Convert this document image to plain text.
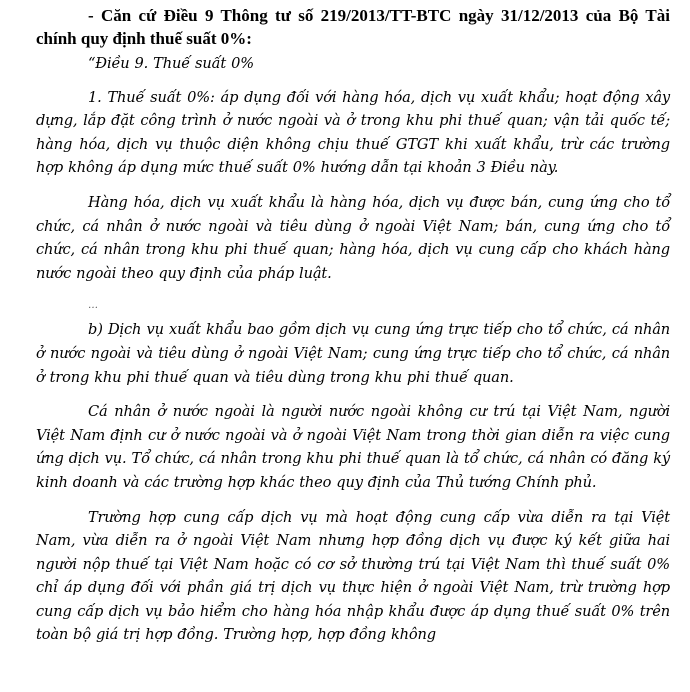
- Căn cứ Điều 9 Thông tư số 219/2013/TT-BTC ngày 31/12/2013 của Bộ Tài chính quy định thuế suất 0%:

“Điều 9. Thuế suất 0%

1. Thuế suất 0%: áp dụng đối với hàng hóa, dịch vụ xuất khẩu; hoạt động xây dựng, lắp đặt công trình ở nước ngoài và ở trong khu phi thuế quan; vận tải quốc tế; hàng hóa, dịch vụ thuộc diện không chịu thuế GTGT khi xuất khẩu, trừ các trường hợp không áp dụng mức thuế suất 0% hướng dẫn tại khoản 3 Điều này.

Hàng hóa, dịch vụ xuất khẩu là hàng hóa, dịch vụ được bán, cung ứng cho tổ chức, cá nhân ở nước ngoài và tiêu dùng ở ngoài Việt Nam; bán, cung ứng cho tổ chức, cá nhân trong khu phi thuế quan; hàng hóa, dịch vụ cung cấp cho khách hàng nước ngoài theo quy định của pháp luật.

…

b) Dịch vụ xuất khẩu bao gồm dịch vụ cung ứng trực tiếp cho tổ chức, cá nhân ở nước ngoài và tiêu dùng ở ngoài Việt Nam; cung ứng trực tiếp cho tổ chức, cá nhân ở trong khu phi thuế quan và tiêu dùng trong khu phi thuế quan.

Cá nhân ở nước ngoài là người nước ngoài không cư trú tại Việt Nam, người Việt Nam định cư ở nước ngoài và ở ngoài Việt Nam trong thời gian diễn ra việc cung ứng dịch vụ. Tổ chức, cá nhân trong khu phi thuế quan là tổ chức, cá nhân có đăng ký kinh doanh và các trường hợp khác theo quy định của Thủ tướng Chính phủ.

Trường hợp cung cấp dịch vụ mà hoạt động cung cấp vừa diễn ra tại Việt Nam, vừa diễn ra ở ngoài Việt Nam nhưng hợp đồng dịch vụ được ký kết giữa hai người nộp thuế tại Việt Nam hoặc có cơ sở thường trú tại Việt Nam thì thuế suất 0% chỉ áp dụng đối với phần giá trị dịch vụ thực hiện ở ngoài Việt Nam, trừ trường hợp cung cấp dịch vụ bảo hiểm cho hàng hóa nhập khẩu được áp dụng thuế suất 0% trên toàn bộ giá trị hợp đồng. Trường hợp, hợp đồng không
